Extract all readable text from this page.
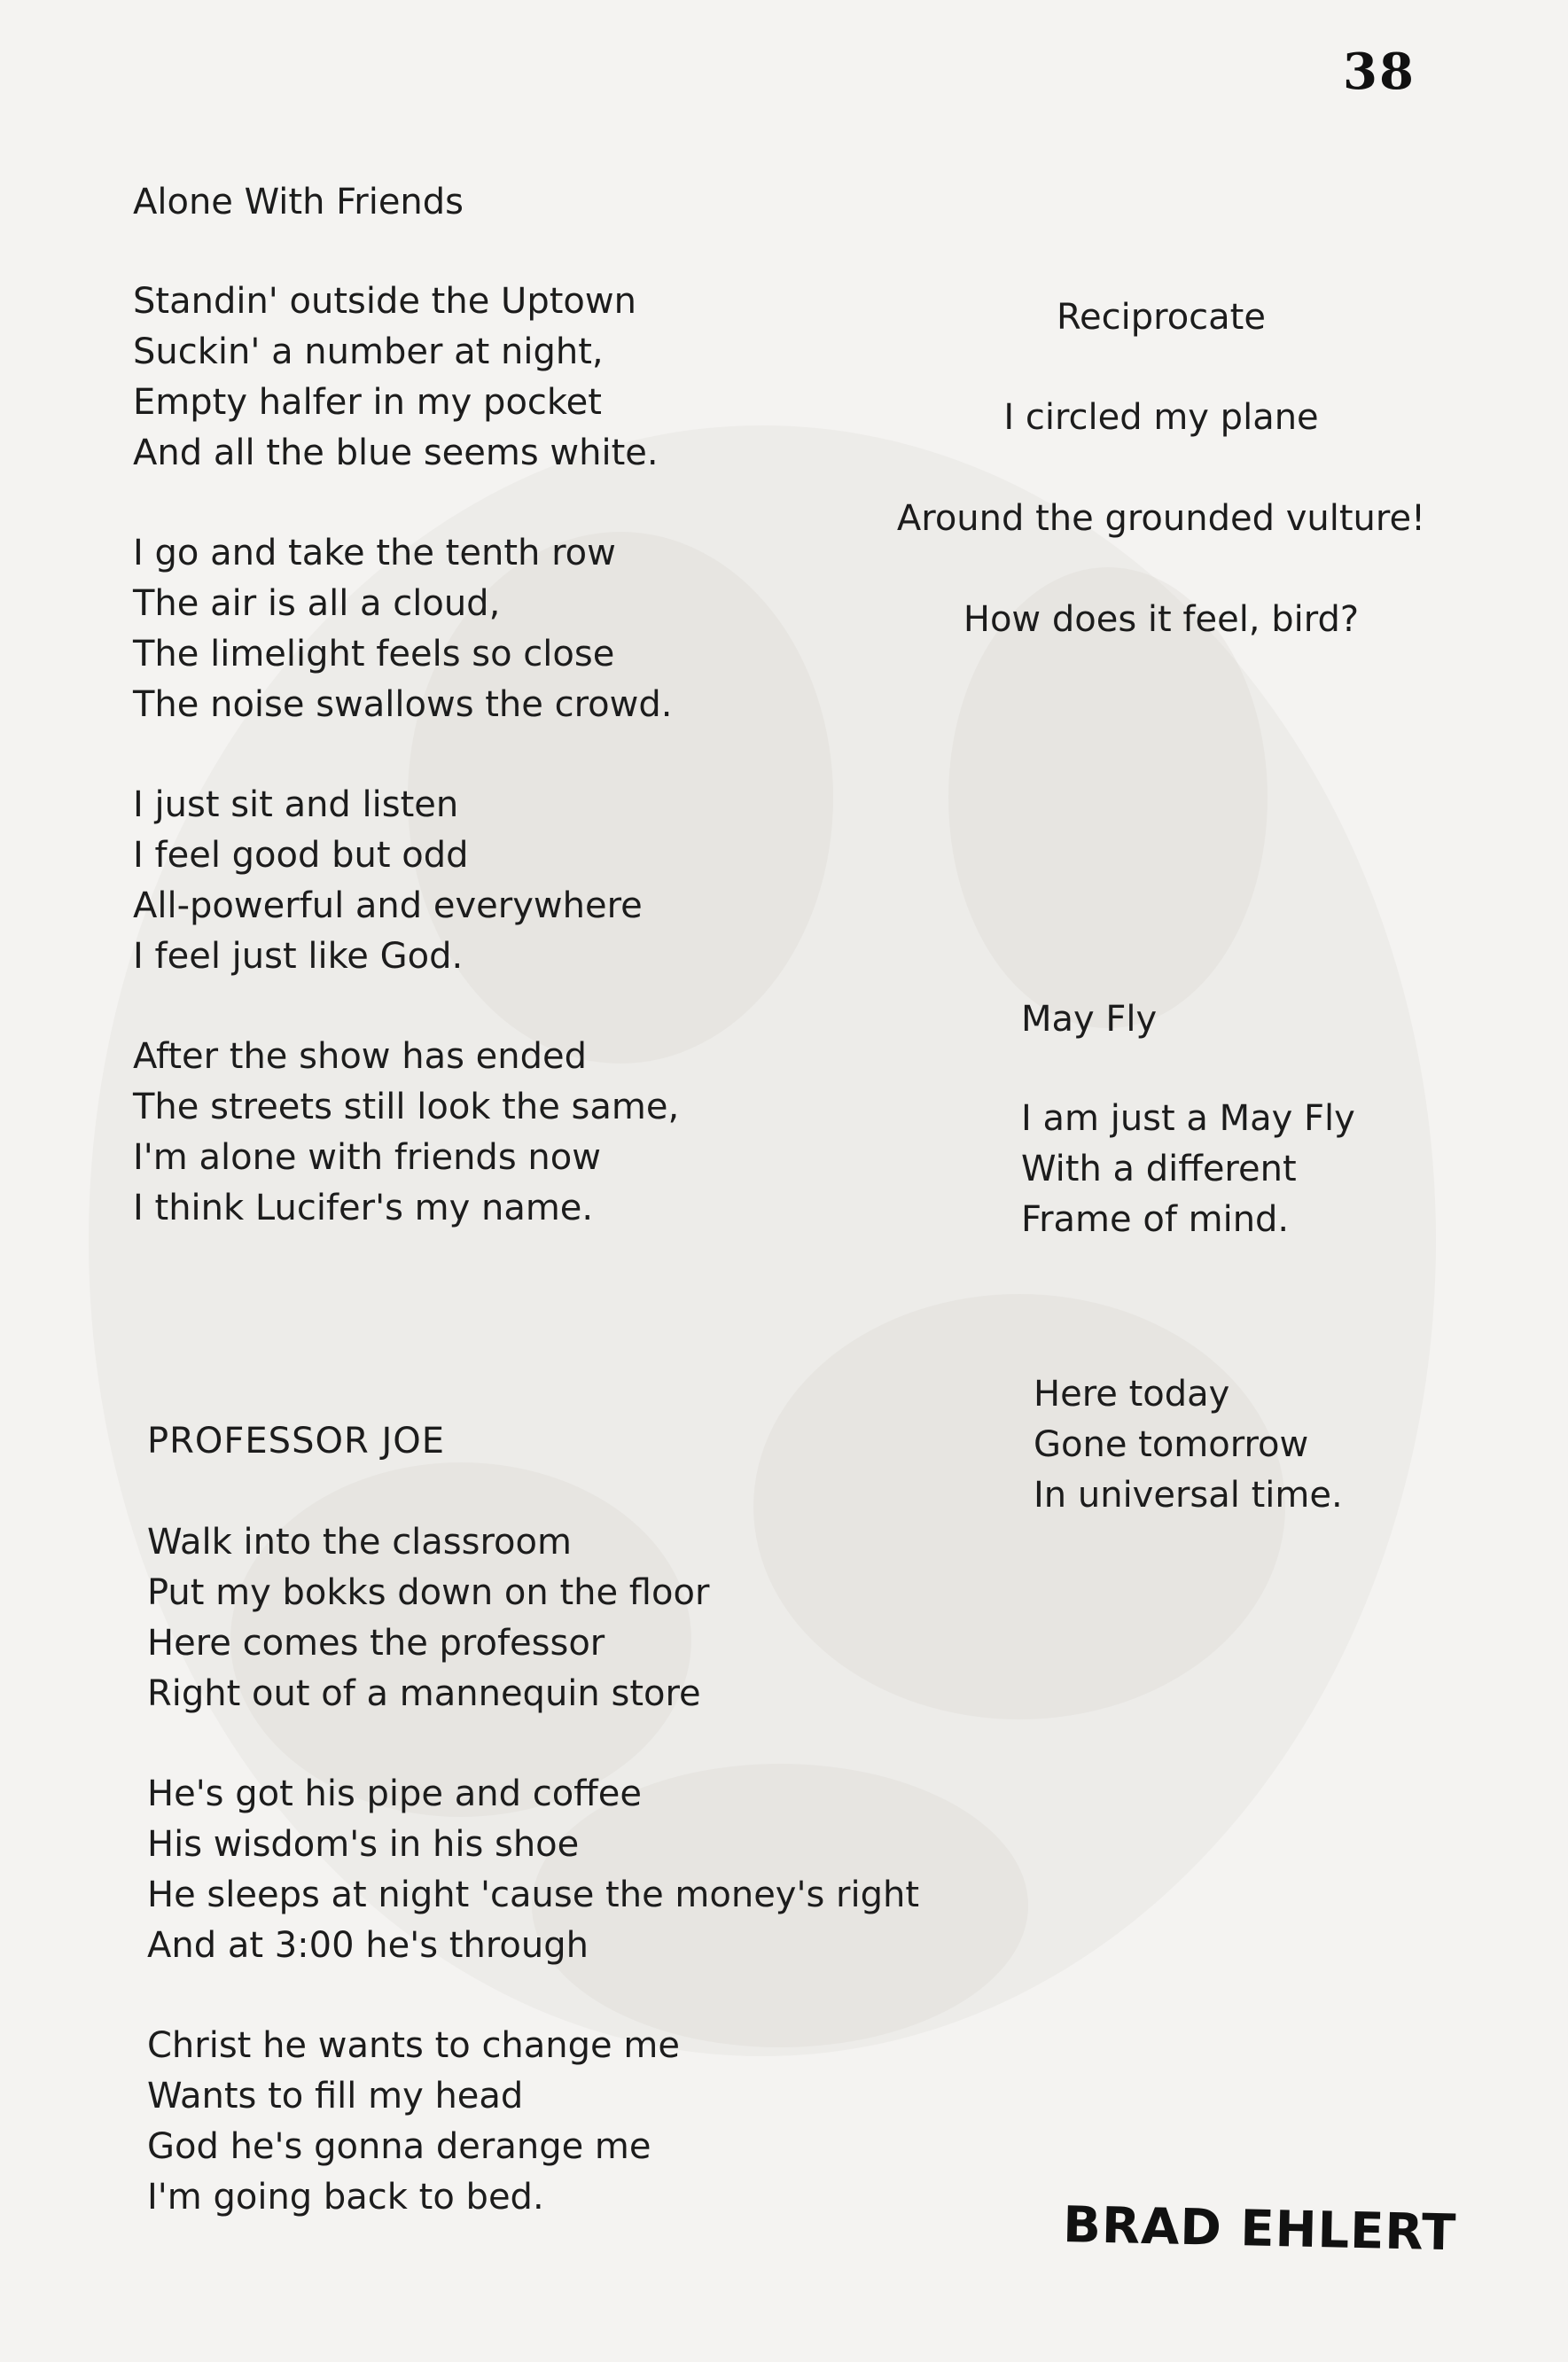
38
Alone With Friends
Standin' outside the Uptown
Suckin' a number at night,
Empty halfer in my pocket
And all the blue seems white.
I go and take the tenth row
The air is all a cloud,
The limelight feels so close
The noise swallows the crowd.
I just sit and listen
I feel good but odd
All-powerful and everywhere
I feel just like God.
After the show has ended
The streets still look the same,
I'm alone with friends now
I think Lucifer's my name.
Reciprocate
I circled my plane
Around the grounded vulture!
How does it feel, bird?
May Fly
I am just a May Fly
With a different
Frame of mind.
Here today
Gone tomorrow
In universal time.
PROFESSOR JOE
Walk into the classroom
Put my bokks down on the floor
Here comes the professor
Right out of a mannequin store
He's got his pipe and coffee
His wisdom's in his shoe
He sleeps at night 'cause the money's right
And at 3:00 he's through
Christ he wants to change me
Wants to fill my head
God he's gonna derange me
I'm going back to bed.	BRAD EHLERT
